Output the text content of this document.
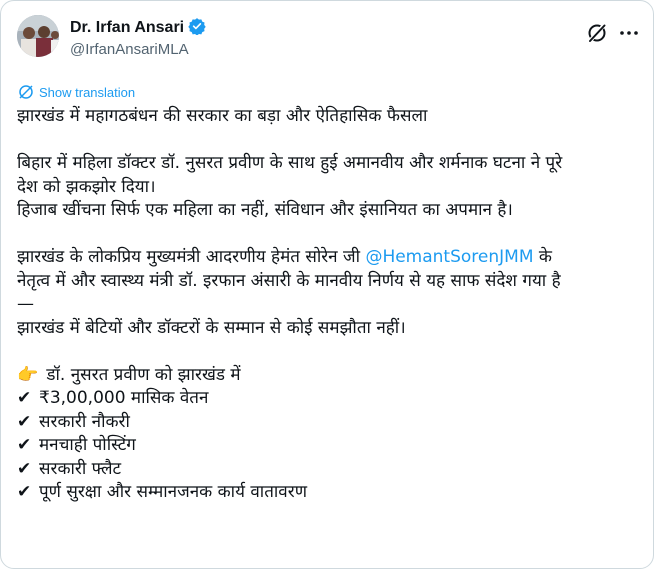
Dr. Irfan Ansari
@IrfanAnsariMLA
Show translation
झारखंड में महागठबंधन की सरकार का बड़ा और ऐतिहासिक फैसला
बिहार में महिला डॉक्टर डॉ. नुसरत प्रवीण के साथ हुई अमानवीय और शर्मनाक घटना ने पूरे
देश को झकझोर दिया।
हिजाब खींचना सिर्फ एक महिला का नहीं, संविधान और इंसानियत का अपमान है।
झारखंड के लोकप्रिय मुख्यमंत्री आदरणीय हेमंत सोरेन जी @HemantSorenJMM के
नेतृत्व में और स्वास्थ्य मंत्री डॉ. इरफान अंसारी के मानवीय निर्णय से यह साफ संदेश गया है
—
झारखंड में बेटियों और डॉक्टरों के सम्मान से कोई समझौता नहीं।
👉 डॉ. नुसरत प्रवीण को झारखंड में
✔ ₹3,00,000 मासिक वेतन
✔ सरकारी नौकरी
✔ मनचाही पोस्टिंग
✔ सरकारी फ्लैट
✔ पूर्ण सुरक्षा और सम्मानजनक कार्य वातावरण
